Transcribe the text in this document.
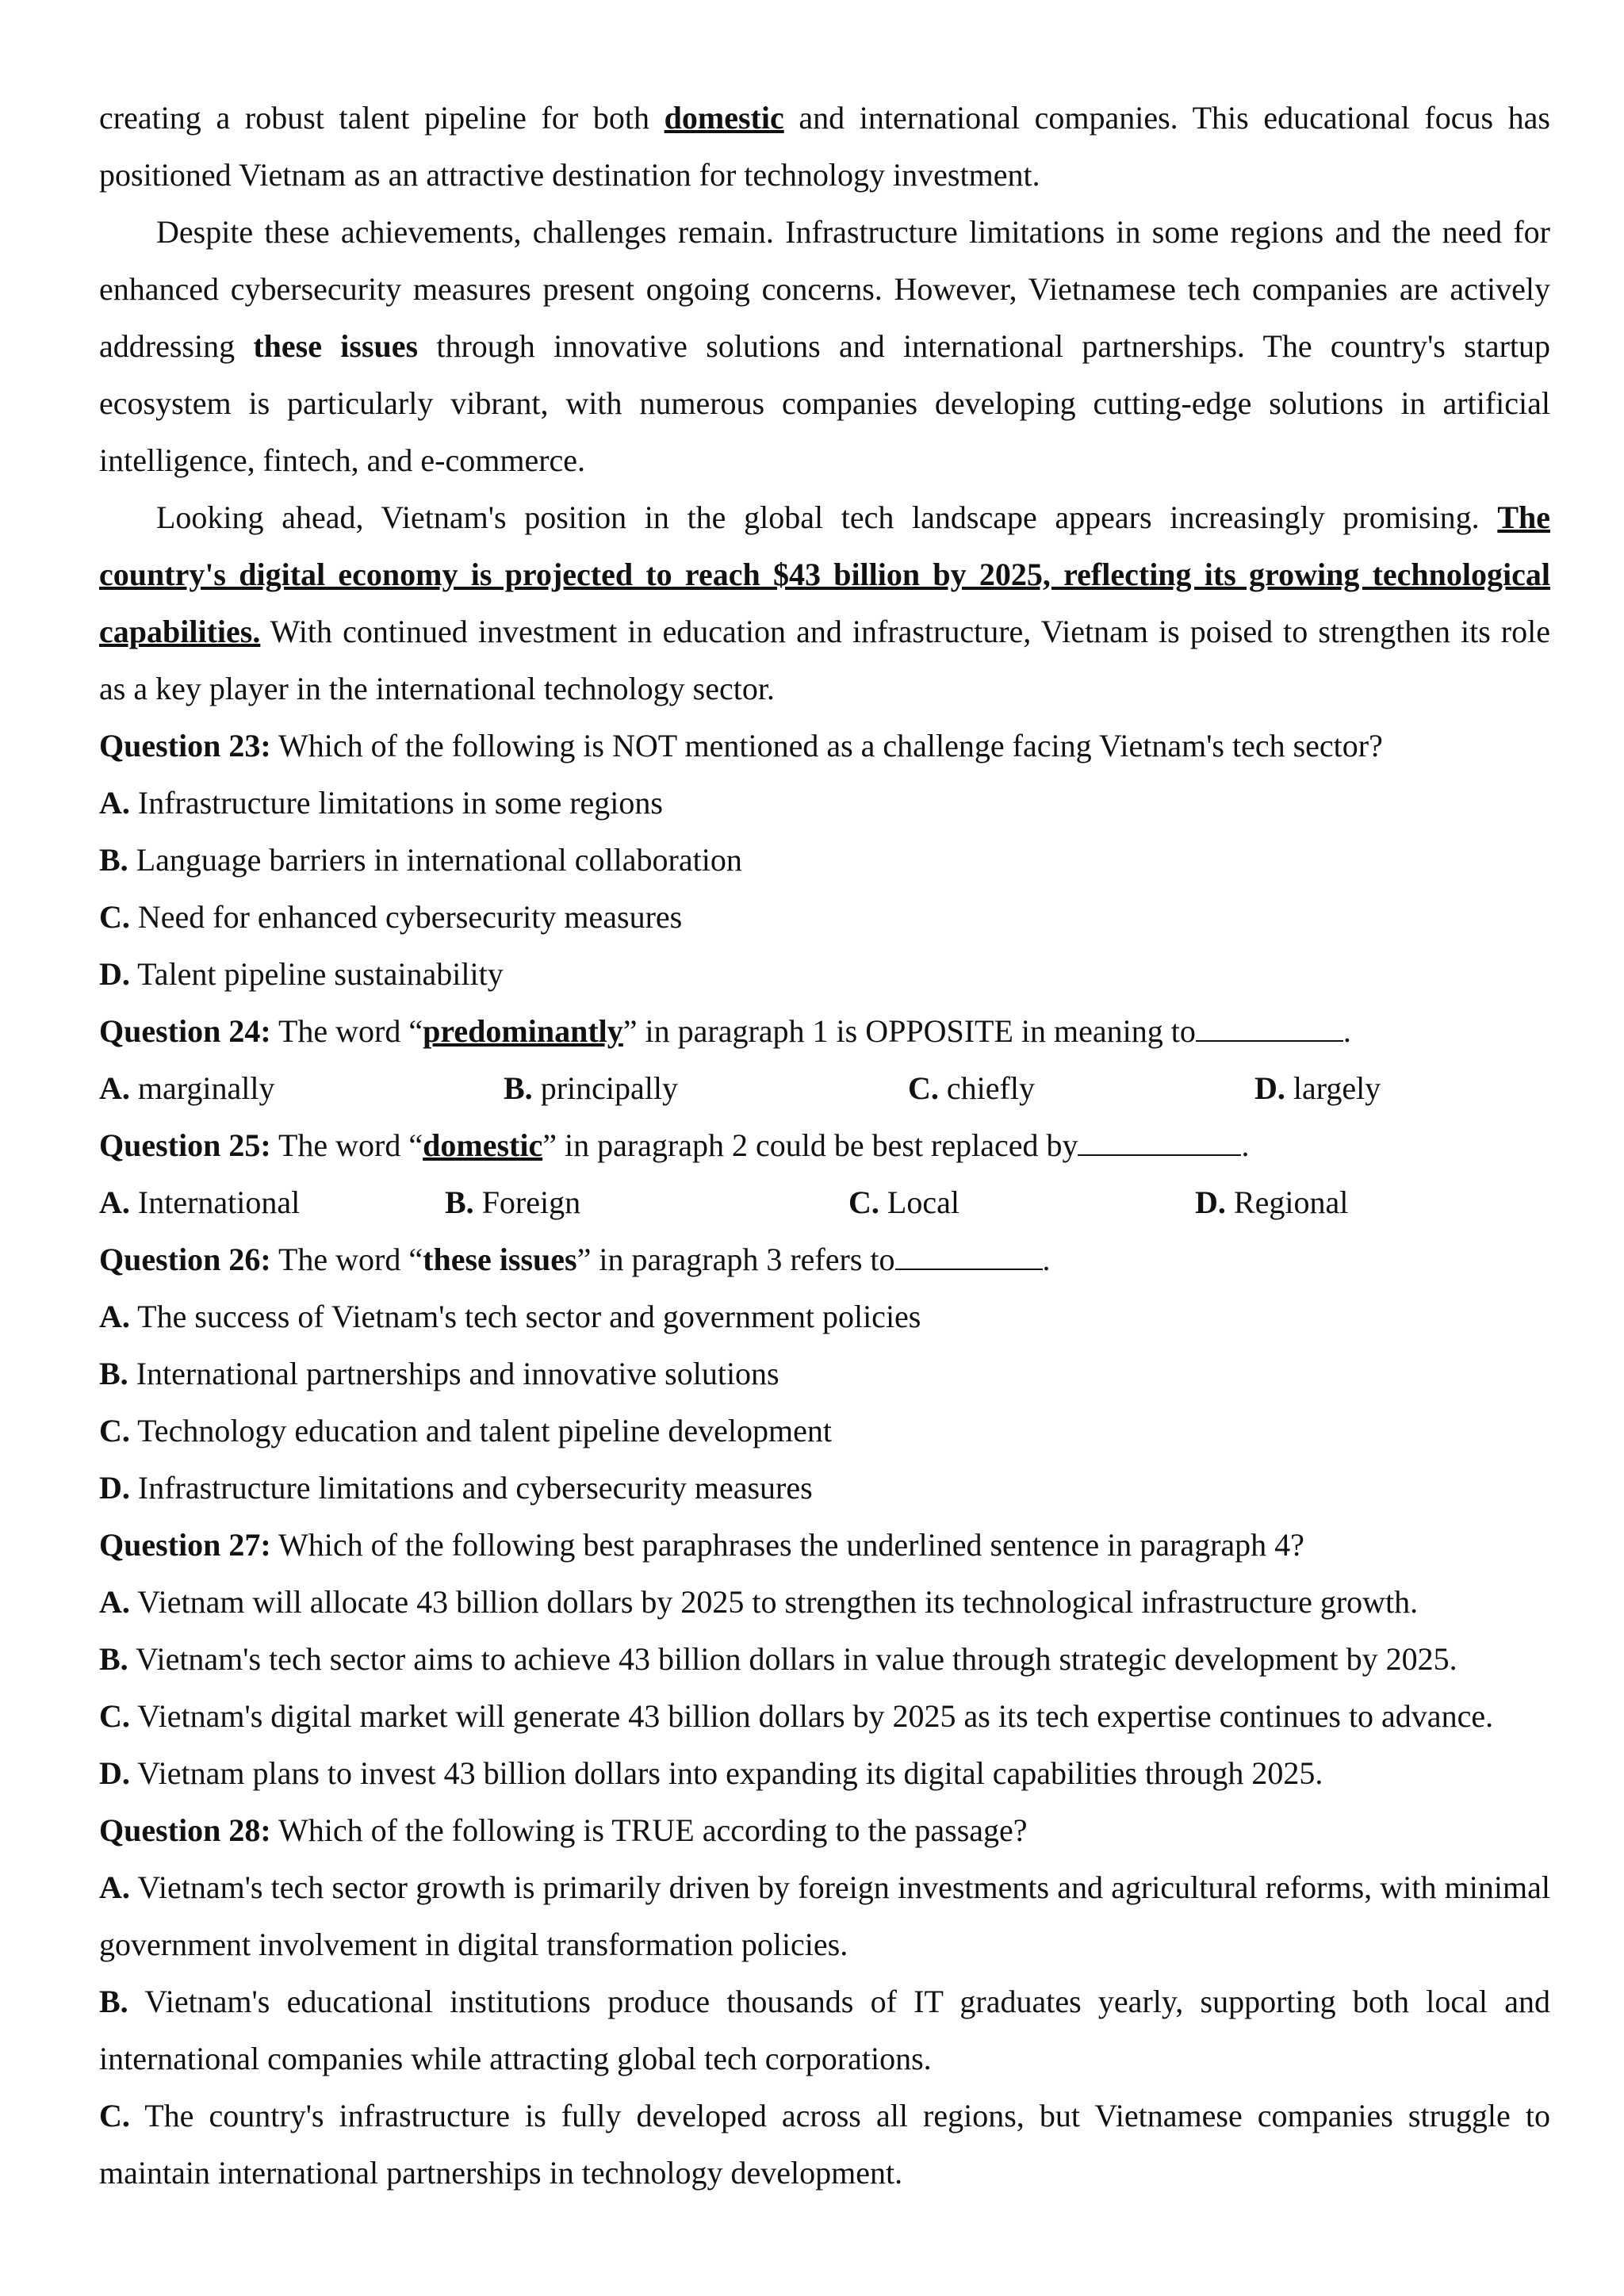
creating a robust talent pipeline for both domestic and international companies. This educational focus has positioned Vietnam as an attractive destination for technology investment.

Despite these achievements, challenges remain. Infrastructure limitations in some regions and the need for enhanced cybersecurity measures present ongoing concerns. However, Vietnamese tech companies are actively addressing these issues through innovative solutions and international partnerships. The country's startup ecosystem is particularly vibrant, with numerous companies developing cutting-edge solutions in artificial intelligence, fintech, and e-commerce.

Looking ahead, Vietnam's position in the global tech landscape appears increasingly promising. The country's digital economy is projected to reach $43 billion by 2025, reflecting its growing technological capabilities. With continued investment in education and infrastructure, Vietnam is poised to strengthen its role as a key player in the international technology sector.

Question 23: Which of the following is NOT mentioned as a challenge facing Vietnam's tech sector?
A. Infrastructure limitations in some regions
B. Language barriers in international collaboration
C. Need for enhanced cybersecurity measures
D. Talent pipeline sustainability
Question 24: The word “predominantly” in paragraph 1 is OPPOSITE in meaning to	.
A. marginally	B. principally	C. chiefly	D. largely
Question 25: The word “domestic” in paragraph 2 could be best replaced by	.
A. International	B. Foreign	C. Local	D. Regional
Question 26: The word “these issues” in paragraph 3 refers to	.
A. The success of Vietnam's tech sector and government policies
B. International partnerships and innovative solutions
C. Technology education and talent pipeline development
D. Infrastructure limitations and cybersecurity measures
Question 27: Which of the following best paraphrases the underlined sentence in paragraph 4?
A. Vietnam will allocate 43 billion dollars by 2025 to strengthen its technological infrastructure growth.
B. Vietnam's tech sector aims to achieve 43 billion dollars in value through strategic development by 2025.
C. Vietnam's digital market will generate 43 billion dollars by 2025 as its tech expertise continues to advance.
D. Vietnam plans to invest 43 billion dollars into expanding its digital capabilities through 2025.
Question 28: Which of the following is TRUE according to the passage?
A. Vietnam's tech sector growth is primarily driven by foreign investments and agricultural reforms, with minimal government involvement in digital transformation policies.
B. Vietnam's educational institutions produce thousands of IT graduates yearly, supporting both local and international companies while attracting global tech corporations.
C. The country's infrastructure is fully developed across all regions, but Vietnamese companies struggle to maintain international partnerships in technology development.
